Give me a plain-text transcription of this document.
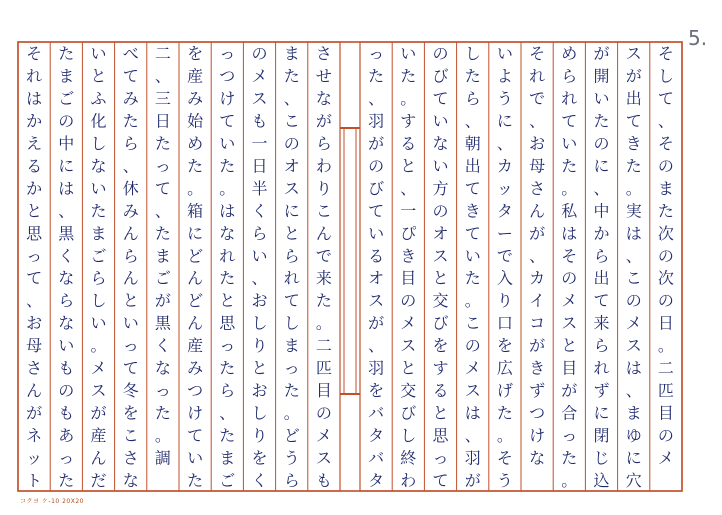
そ
し
て
、
そ
の
ま
た
次
の
次
の
日
。
二
匹
目
の
メ
ス
が
出
て
き
た
。
実
は
、
こ
の
メ
ス
は
、
ま
ゆ
に
穴
が
開
い
た
の
に
、
中
か
ら
出
て
来
ら
れ
ず
に
閉
じ
込
め
ら
れ
て
い
た
。
私
は
そ
の
メ
ス
と
目
が
合
っ
た
。
そ
れ
で
、
お
母
さ
ん
が
、
カ
イ
コ
が
き
ず
つ
け
な
い
よ
う
に
、
カ
ッ
タ
ー
で
入
り
口
を
広
げ
た
。
そ
う
し
た
ら
、
朝
出
て
き
て
い
た
。
こ
の
メ
ス
は
、
羽
が
の
び
て
い
な
い
方
の
オ
ス
と
交
び
を
す
る
と
思
っ
て
い
た
。
す
る
と
、
一
ぴ
き
目
の
メ
ス
と
交
び
し
終
わ
っ
た
、
羽
が
の
び
て
い
る
オ
ス
が
、
羽
を
バ
タ
バ
タ
さ
せ
な
が
ら
わ
り
こ
ん
で
来
た
。
二
匹
目
の
メ
ス
も
ま
た
、
こ
の
オ
ス
に
と
ら
れ
て
し
ま
っ
た
。
ど
う
ら
の
メ
ス
も
一
日
半
く
ら
い
、
お
し
り
と
お
し
り
を
く
っ
つ
け
て
い
た
。
は
な
れ
た
と
思
っ
た
ら
、
た
ま
ご
を
産
み
始
め
た
。
箱
に
ど
ん
ど
ん
産
み
つ
け
て
い
た
二
、
三
日
た
っ
て
、
た
ま
ご
が
黒
く
な
っ
た
。
調
べ
て
み
た
ら
、
休
み
ん
ら
ん
と
い
っ
て
冬
を
こ
さ
な
い
と
ふ
化
し
な
い
た
ま
ご
ら
し
い
。
メ
ス
が
産
ん
だ
た
ま
ご
の
中
に
は
、
黒
く
な
ら
な
い
も
の
も
あ
っ
た
そ
れ
は
か
え
る
か
と
思
っ
て
、
お
母
さ
ん
が
ネ
ッ
ト
5.
コクヨ ケ-10 20X20
